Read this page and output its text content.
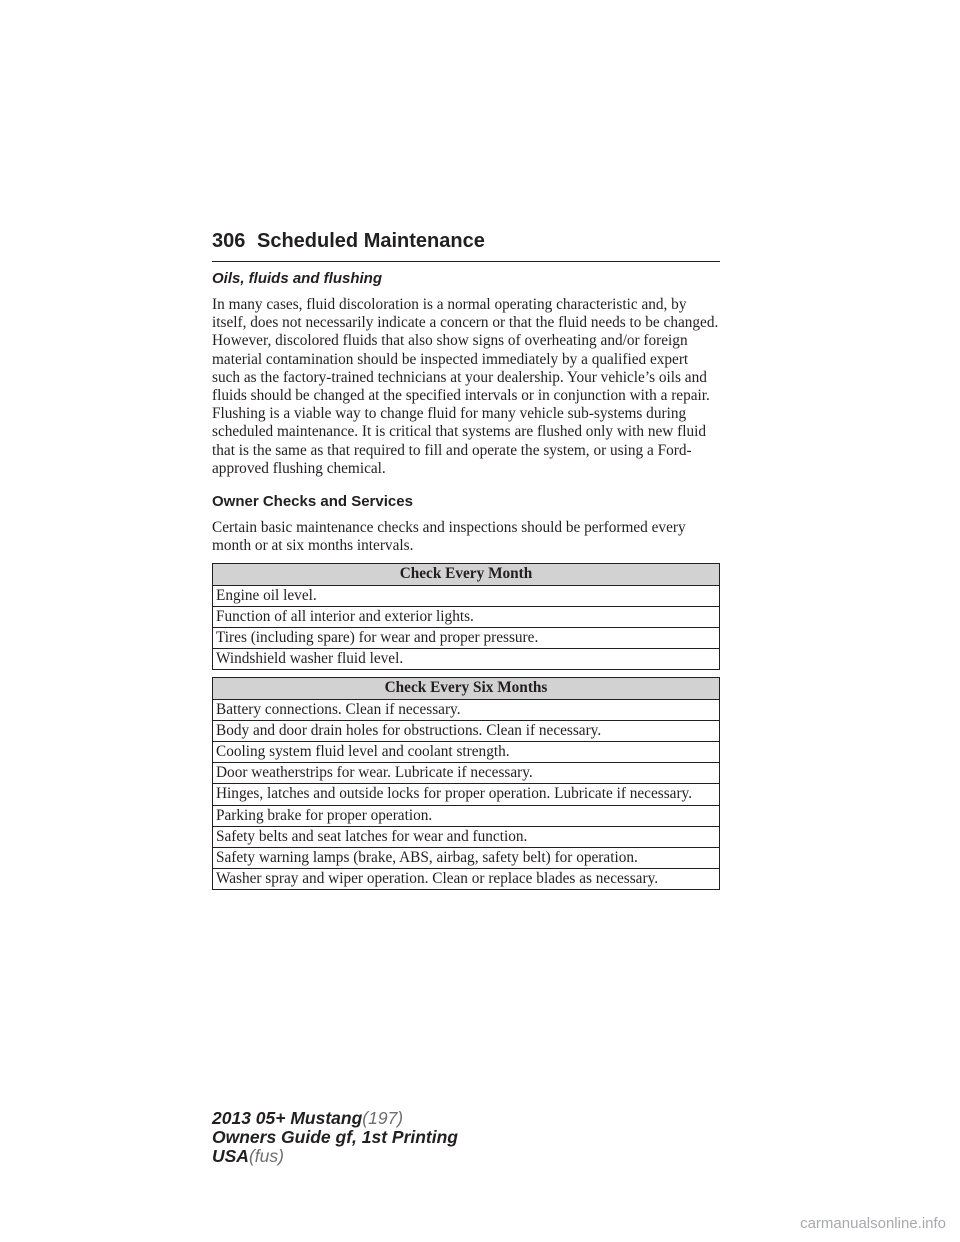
306 Scheduled Maintenance
Oils, fluids and flushing

In many cases, fluid discoloration is a normal operating characteristic and, by itself, does not necessarily indicate a concern or that the fluid needs to be changed. However, discolored fluids that also show signs of overheating and/or foreign material contamination should be inspected immediately by a qualified expert such as the factory-trained technicians at your dealership. Your vehicle’s oils and fluids should be changed at the specified intervals or in conjunction with a repair. Flushing is a viable way to change fluid for many vehicle sub-systems during scheduled maintenance. It is critical that systems are flushed only with new fluid that is the same as that required to fill and operate the system, or using a Ford-approved flushing chemical.

Owner Checks and Services

Certain basic maintenance checks and inspections should be performed every month or at six months intervals.

Check Every Month
Engine oil level.
Function of all interior and exterior lights.
Tires (including spare) for wear and proper pressure.
Windshield washer fluid level.
Check Every Six Months
Battery connections. Clean if necessary.
Body and door drain holes for obstructions. Clean if necessary.
Cooling system fluid level and coolant strength.
Door weatherstrips for wear. Lubricate if necessary.
Hinges, latches and outside locks for proper operation. Lubricate if necessary.
Parking brake for proper operation.
Safety belts and seat latches for wear and function.
Safety warning lamps (brake, ABS, airbag, safety belt) for operation.
Washer spray and wiper operation. Clean or replace blades as necessary.
2013 05+ Mustang(197)
Owners Guide gf, 1st Printing
USA(fus)
carmanualsonline.info
